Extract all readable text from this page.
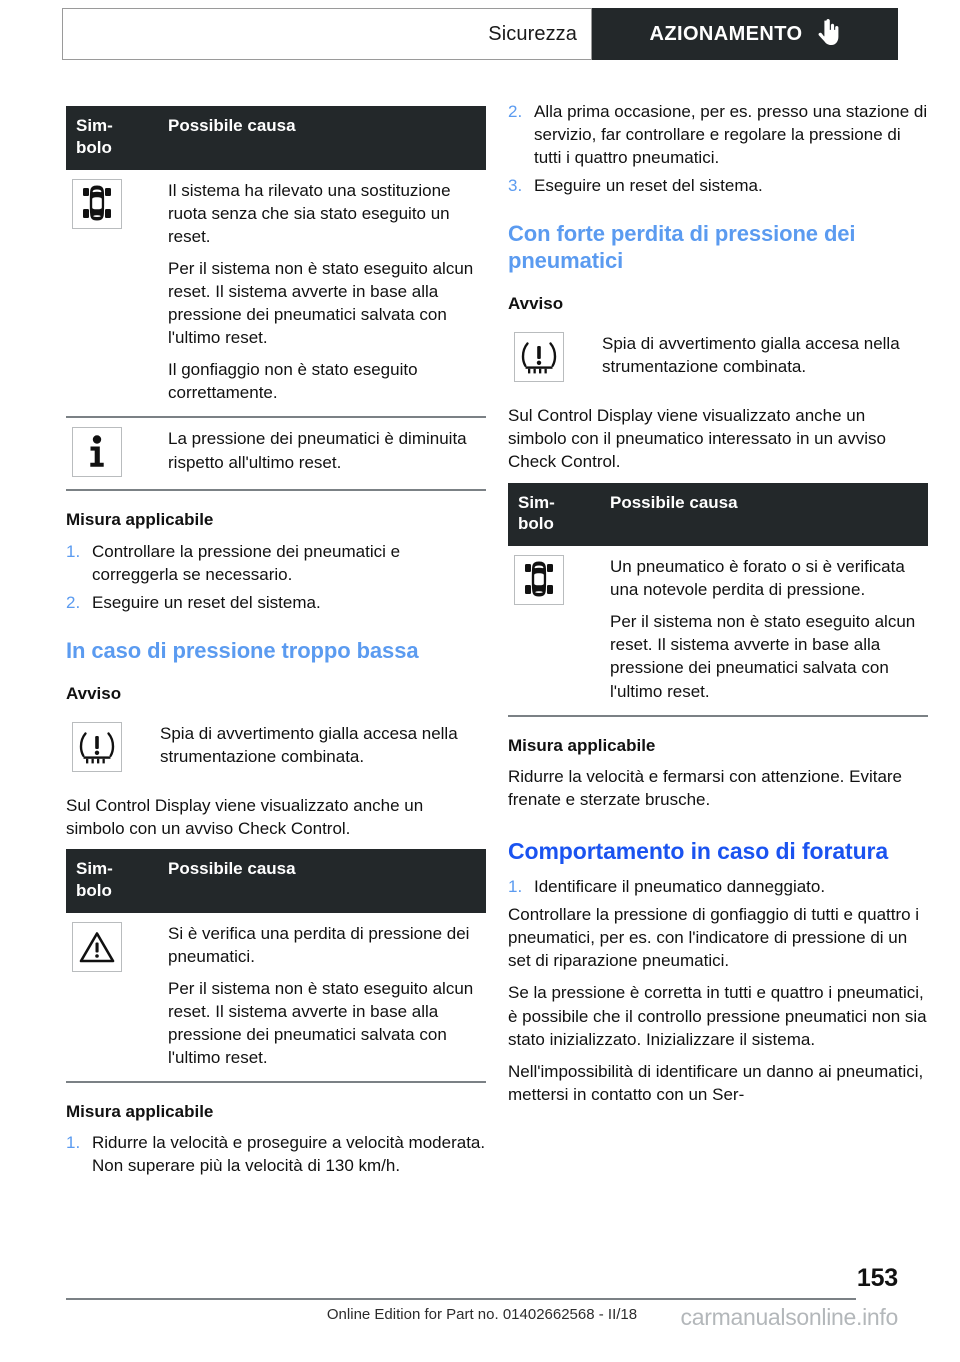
Sicurezza	AZIONAMENTO
Sim-
bolo	Possibile causa

Il sistema ha rilevato una sostituzione ruota senza che sia stato eseguito un reset.

Per il sistema non è stato eseguito alcun reset. Il sistema avverte in base alla pressione dei pneumatici salvata con l'ultimo reset.

Il gonfiaggio non è stato eseguito correttamente.

La pressione dei pneumatici è diminuita rispetto all'ultimo reset.

Misura applicabile
1. Controllare la pressione dei pneumatici e correggerla se necessario.
2. Eseguire un reset del sistema.
In caso di pressione troppo bassa
Avviso

Spia di avvertimento gialla accesa nella strumentazione combinata.

Sul Control Display viene visualizzato anche un simbolo con un avviso Check Control.

Sim-
bolo	Possibile causa

Si è verifica una perdita di pressione dei pneumatici.

Per il sistema non è stato eseguito alcun reset. Il sistema avverte in base alla pressione dei pneumatici salvata con l'ultimo reset.

Misura applicabile
1. Ridurre la velocità e proseguire a velocità moderata. Non superare più la velocità di 130 km/h.
2. Alla prima occasione, per es. presso una stazione di servizio, far controllare e regolare la pressione di tutti i quattro pneumatici.
3. Eseguire un reset del sistema.
Con forte perdita di pressione dei pneumatici
Avviso

Spia di avvertimento gialla accesa nella strumentazione combinata.

Sul Control Display viene visualizzato anche un simbolo con il pneumatico interessato in un avviso Check Control.

Sim-
bolo	Possibile causa

Un pneumatico è forato o si è verificata una notevole perdita di pressione.

Per il sistema non è stato eseguito alcun reset. Il sistema avverte in base alla pressione dei pneumatici salvata con l'ultimo reset.

Misura applicabile

Ridurre la velocità e fermarsi con attenzione. Evitare frenate e sterzate brusche.

Comportamento in caso di foratura
1. Identificare il pneumatico danneggiato.

Controllare la pressione di gonfiaggio di tutti e quattro i pneumatici, per es. con l'indicatore di pressione di un set di riparazione pneumatici.

Se la pressione è corretta in tutti e quattro i pneumatici, è possibile che il controllo pressione pneumatici non sia stato inizializzato. Inizializzare il sistema.

Nell'impossibilità di identificare un danno ai pneumatici, mettersi in contatto con un Ser-

153
Online Edition for Part no. 01402662568 - II/18 carmanualsonline.info
